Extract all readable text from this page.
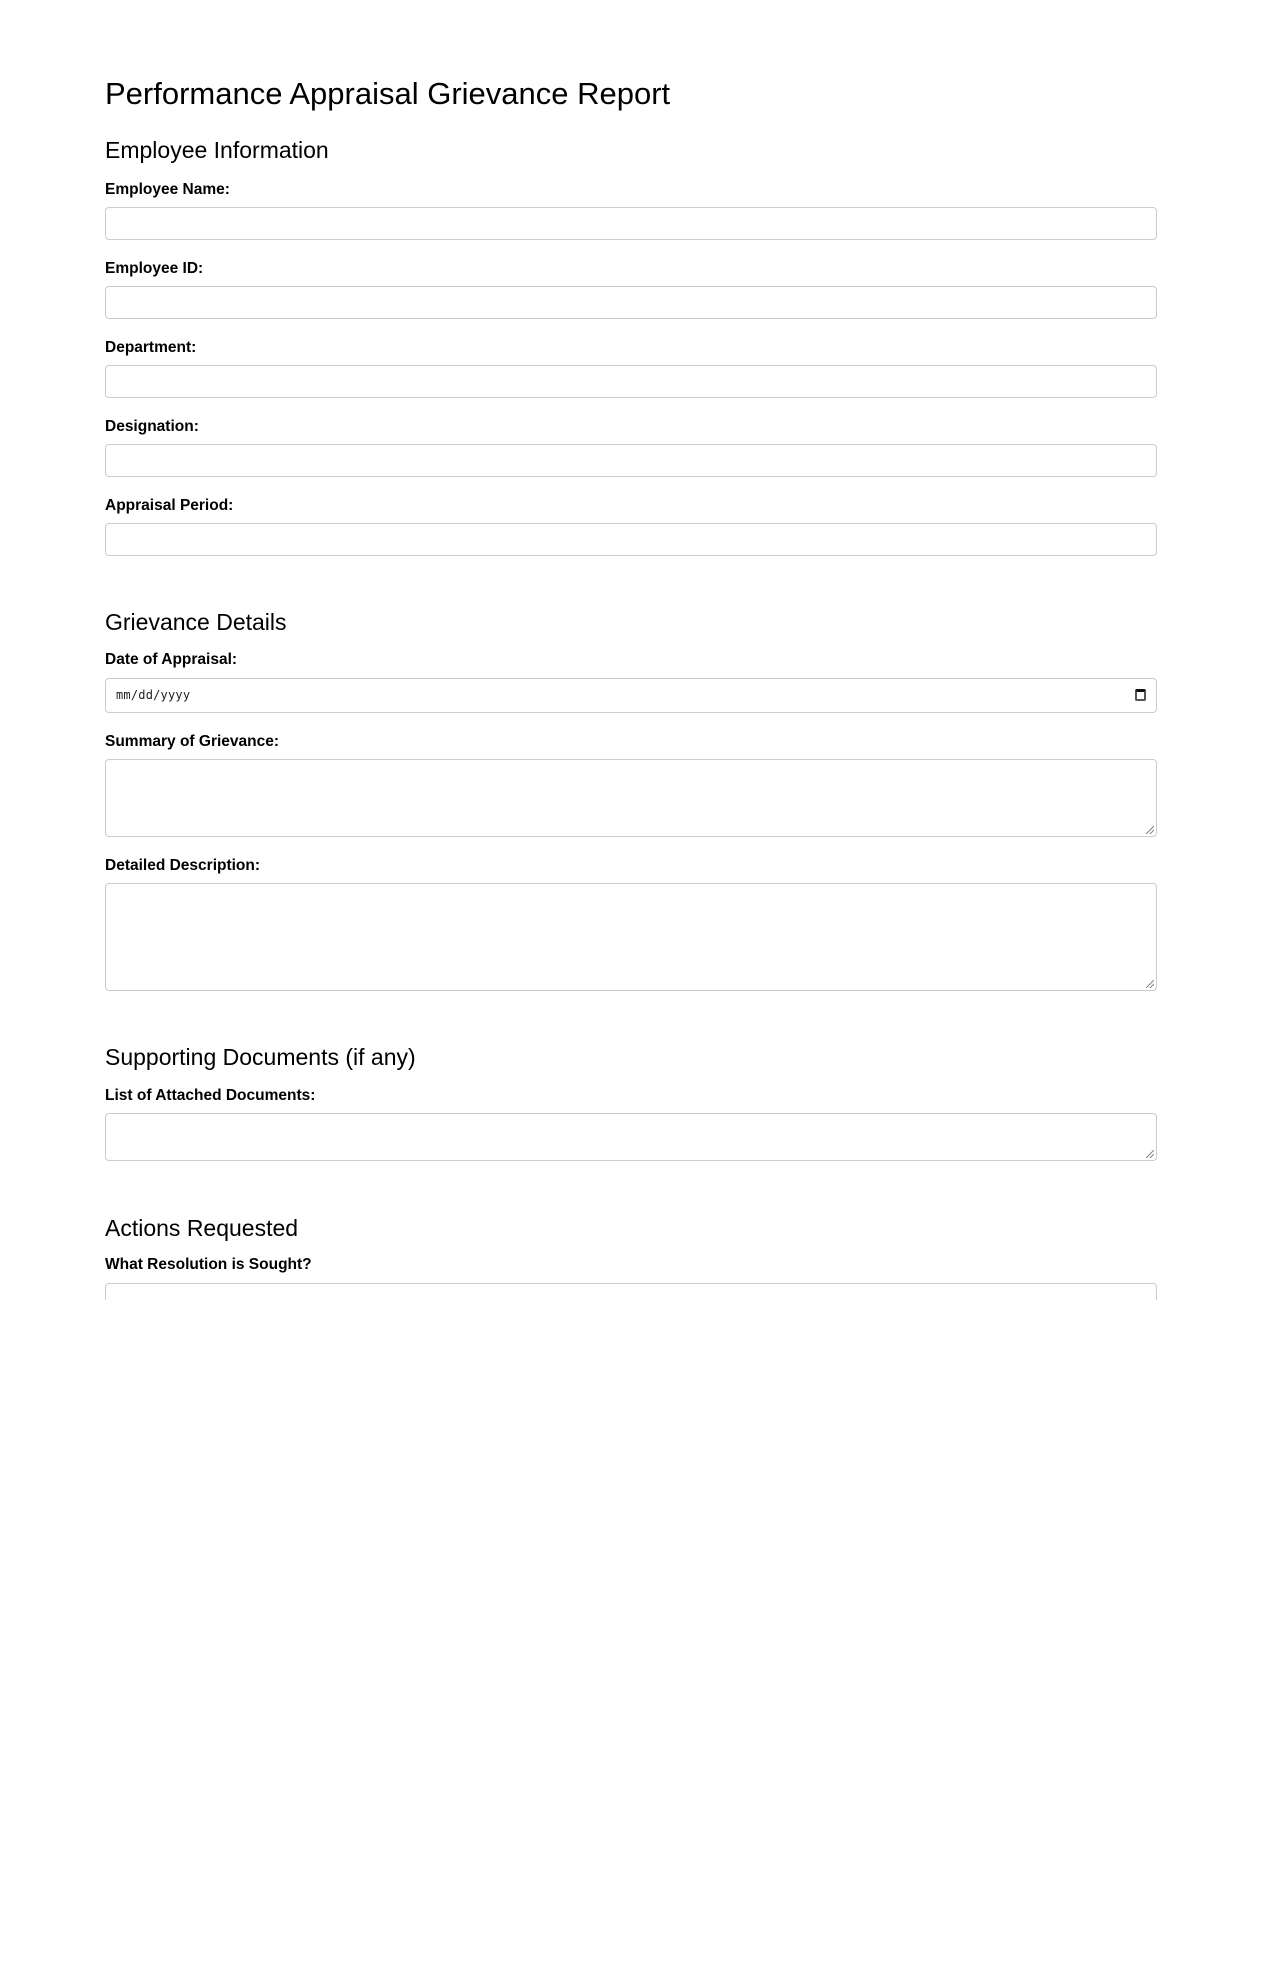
Performance Appraisal Grievance Report
Employee Information
Employee Name:
Employee ID:
Department:
Designation:
Appraisal Period:
Grievance Details
Date of Appraisal:
mm/dd/yyyy
Summary of Grievance:
Detailed Description:
Supporting Documents (if any)
List of Attached Documents:
Actions Requested
What Resolution is Sought?
